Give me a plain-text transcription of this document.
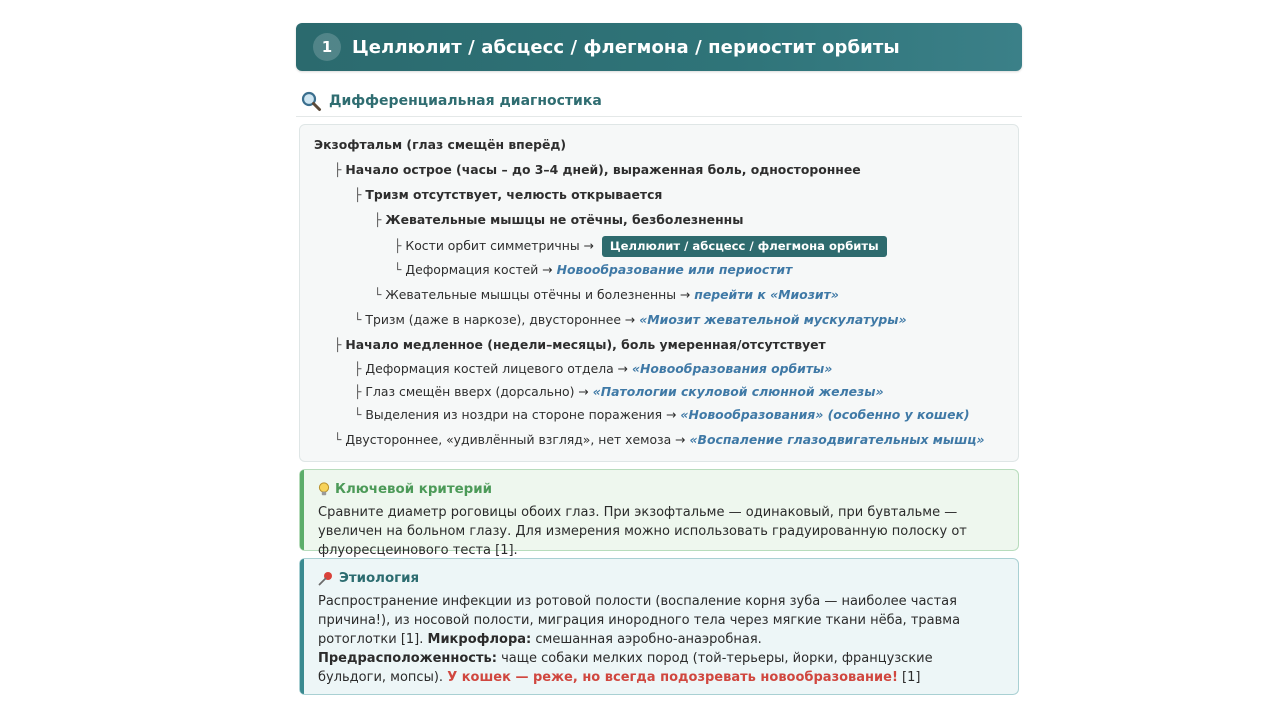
1	Целлюлит / абсцесс / флегмона / периостит орбиты
Дифференциальная диагностика
Экзофтальм (глаз смещён вперёд)
├ Начало острое (часы – до 3–4 дней), выраженная боль, одностороннее
├ Тризм отсутствует, челюсть открывается
├ Жевательные мышцы не отёчны, безболезненны
├ Кости орбит симметричны → Целлюлит / абсцесс / флегмона орбиты
└ Деформация костей → Новообразование или периостит
└ Жевательные мышцы отёчны и болезненны → перейти к «Миозит»
└ Тризм (даже в наркозе), двустороннее → «Миозит жевательной мускулатуры»
├ Начало медленное (недели–месяцы), боль умеренная/отсутствует
├ Деформация костей лицевого отдела → «Новообразования орбиты»
├ Глаз смещён вверх (дорсально) → «Патологии скуловой слюнной железы»
└ Выделения из ноздри на стороне поражения → «Новообразования» (особенно у кошек)
└ Двустороннее, «удивлённый взгляд», нет хемоза → «Воспаление глазодвигательных мышц»
Ключевой критерий
Сравните диаметр роговицы обоих глаз. При экзофтальме — одинаковый, при бувтальме — увеличен на больном глазу. Для измерения можно использовать градуированную полоску от флуоресцеинового теста [1].
Этиология
Распространение инфекции из ротовой полости (воспаление корня зуба — наиболее частая причина!), из носовой полости, миграция инородного тела через мягкие ткани нёба, травма ротоглотки [1]. Микрофлора: смешанная аэробно-анаэробная.
Предрасположенность: чаще собаки мелких пород (той-терьеры, йорки, французские бульдоги, мопсы). У кошек — реже, но всегда подозревать новообразование! [1]
